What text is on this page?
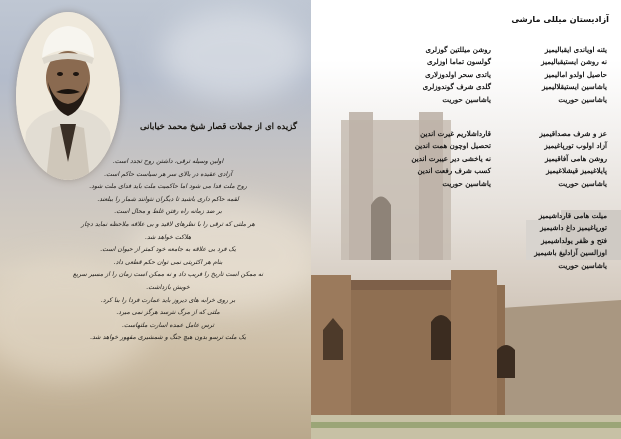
گزیده ای از جملات قصار شیخ محمد خیابانی

اولین وسیله ترقی، داشتن روح تجدد است.

آزادی عقیده در بالای سر هر سیاست حاکم است.

روح ملت فدا می شود اما حاکمیت ملت باید فدای ملت شود.

لقمه حاکم داری باشید تا دیگران نتوانند شمار را ببلعند.

بر ضد زمانه راه رفتن غلط و محال است.

هر ملتی که ترقی را با نظرهای لاقید و بی علاقه ملاحظه نماید دچار

هلاکت خواهد شد.

یک فرد بی علاقه به جامعه خود کمتر از حیوان است.

بنام هر اکثریتی نمی توان حکم قطعی داد.

نه ممکن است تاریخ را فریب داد و نه ممکن است زمان را از مسیر سریع

خویش بازداشت.

بر روی خرابه های دیروز باید عمارت فردا را بنا کرد.

ملتی که از مرگ نترسد هرگز نمی میرد.

ترس عامل عمده اسارت ملتهاست.

یک ملت ترسو بدون هیچ جنگ و شمشیری مقهور خواهد شد.

آزادیستان میللی مارشی

یئنه اویاندی ایقبالیمیز

نه روشن ایستیقبالیمیز

حاصیل اولدو امالیمیز

یاشاسین ایستیقلالیمیز

یاشاسین حوریت

روشن میللتین گوزلری

گولسون تماما اوزلری

یاتدی سحر اولدوزلاری

گلدی شرف گوندوزلری

یاشاسین حوریت

عز و شرف مصداقیمیز

آزاد اولوب تورپاغیمیز

روشن هامی آفاقیمیز

پایلاغیمیز قیشلاغیمیز

یاشاسین حوریت

قارداشلاریم غیرت اندین

تحصیل اوچون همت اندین

نه یاخشی دیر عیبرت اندین

کسب شرف رفعت اندین

یاشاسین حوریت

میلت هامی قارداشیمیز

تورپاغیمیز داغ داشیمیز

فتح و ظفر یولداشیمیز

اوزالسین آزادلیغ باشیمیز

یاشاسین حوریت
